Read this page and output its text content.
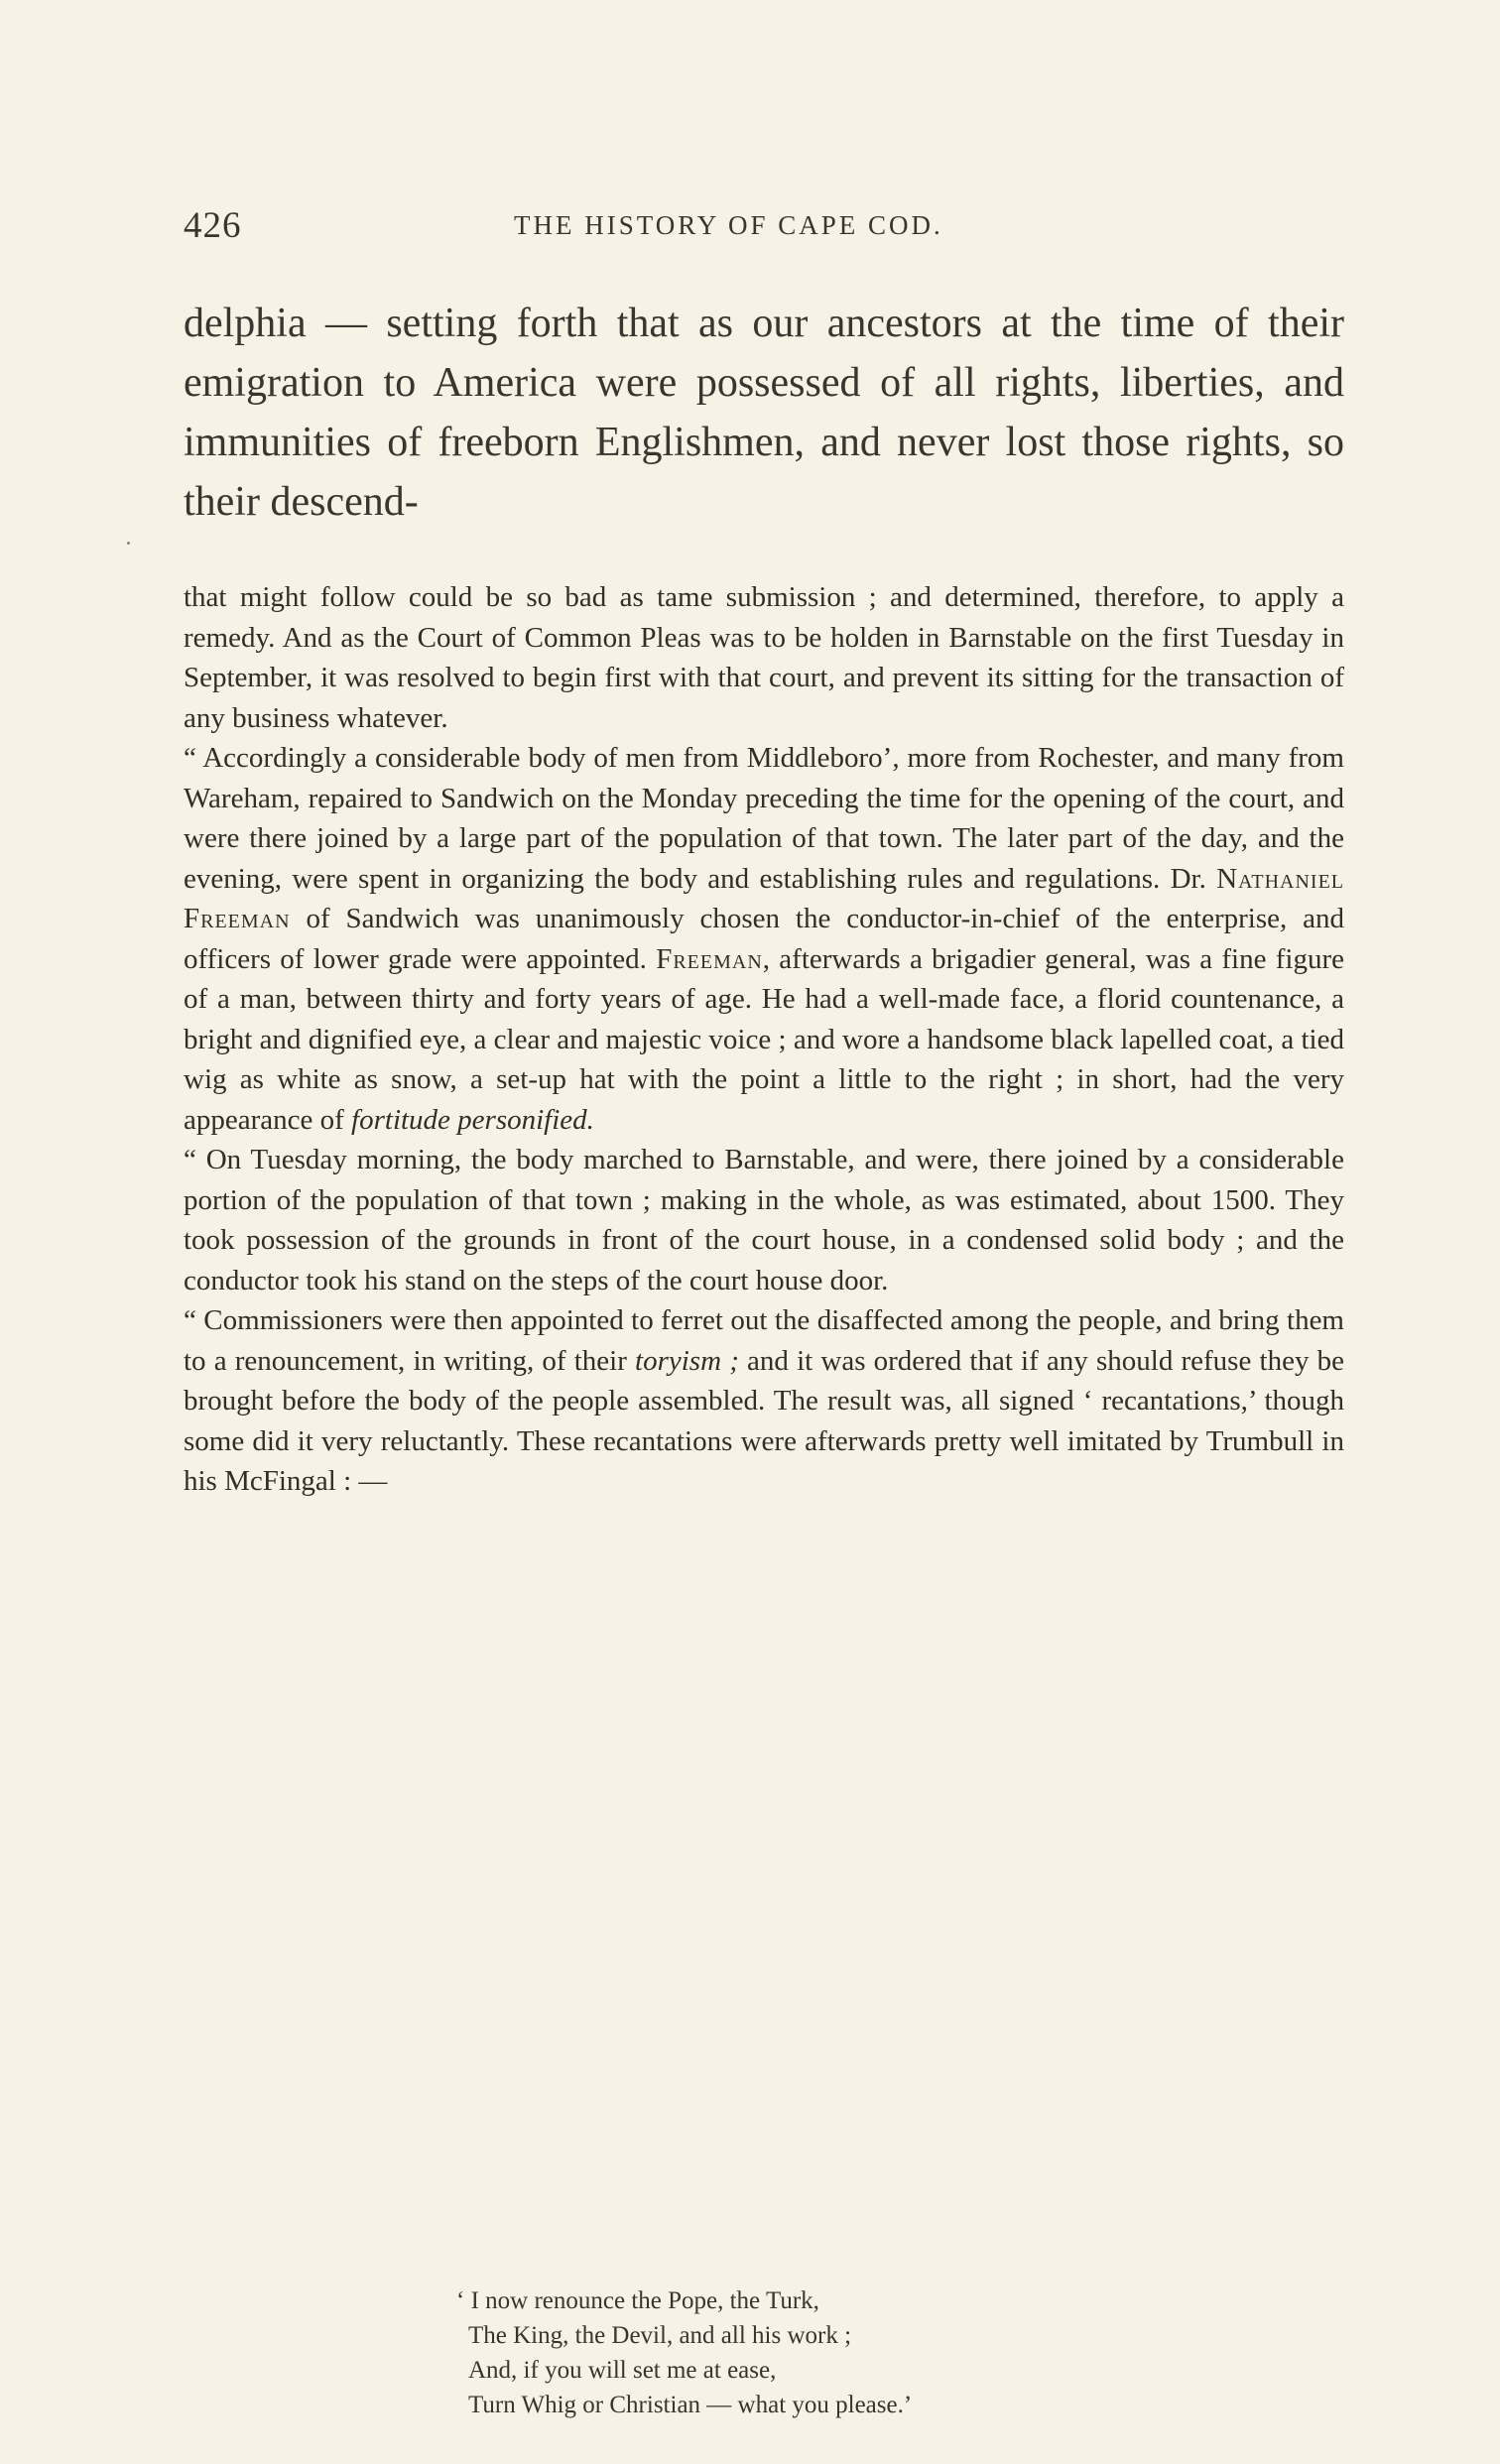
426	THE HISTORY OF CAPE COD.
delphia — setting forth that as our ancestors at the time of their emigration to America were possessed of all rights, liberties, and immunities of freeborn Englishmen, and never lost those rights, so their descend-

that might follow could be so bad as tame submission ; and determined, therefore, to apply a remedy. And as the Court of Common Pleas was to be holden in Barnstable on the first Tuesday in September, it was resolved to begin first with that court, and prevent its sitting for the transaction of any business whatever.

“ Accordingly a considerable body of men from Middleboro’, more from Rochester, and many from Wareham, repaired to Sandwich on the Monday preceding the time for the opening of the court, and were there joined by a large part of the population of that town. The later part of the day, and the evening, were spent in organizing the body and establishing rules and regulations. Dr. Nathaniel Freeman of Sandwich was unanimously chosen the conductor-in-chief of the enterprise, and officers of lower grade were appointed. Freeman, afterwards a brigadier general, was a fine figure of a man, between thirty and forty years of age. He had a well-made face, a florid countenance, a bright and dignified eye, a clear and majestic voice ; and wore a handsome black lapelled coat, a tied wig as white as snow, a set-up hat with the point a little to the right ; in short, had the very appearance of fortitude personified.

“ On Tuesday morning, the body marched to Barnstable, and were, there joined by a considerable portion of the population of that town ; making in the whole, as was estimated, about 1500. They took possession of the grounds in front of the court house, in a condensed solid body ; and the conductor took his stand on the steps of the court house door.

“ Commissioners were then appointed to ferret out the disaffected among the people, and bring them to a renouncement, in writing, of their toryism ; and it was ordered that if any should refuse they be brought before the body of the people assembled. The result was, all signed ‘ recantations,’ though some did it very reluctantly. These recantations were afterwards pretty well imitated by Trumbull in his McFingal : —

‘ I now renounce the Pope, the Turk,
The King, the Devil, and all his work ;
And, if you will set me at ease,
Turn Whig or Christian — what you please.’
